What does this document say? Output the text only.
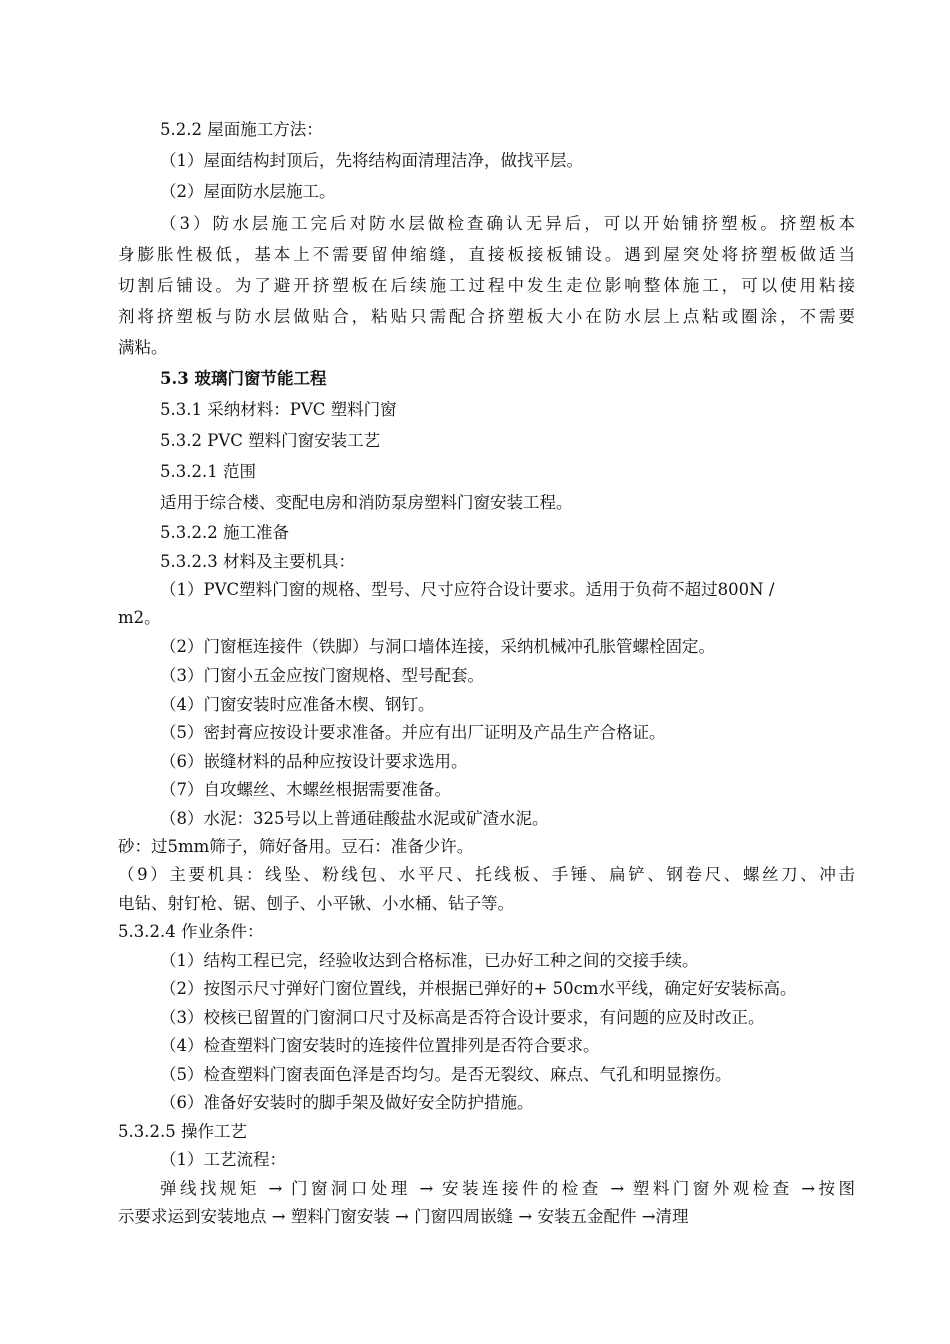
5.2.2 屋面施工方法：
（1）屋面结构封顶后，先将结构面清理洁净，做找平层。
（2）屋面防水层施工。
（3）防水层施工完后对防水层做检查确认无异后，可以开始铺挤塑板。挤塑板本
身膨胀性极低，基本上不需要留伸缩缝，直接板接板铺设。遇到屋突处将挤塑板做适当
切割后铺设。为了避开挤塑板在后续施工过程中发生走位影响整体施工，可以使用粘接
剂将挤塑板与防水层做贴合，粘贴只需配合挤塑板大小在防水层上点粘或圈涂，不需要
满粘。
5.3 玻璃门窗节能工程
5.3.1 采纳材料：PVC 塑料门窗
5.3.2 PVC 塑料门窗安装工艺
5.3.2.1 范围
适用于综合楼、变配电房和消防泵房塑料门窗安装工程。
5.3.2.2 施工准备
5.3.2.3 材料及主要机具：
（1）PVC塑料门窗的规格、型号、尺寸应符合设计要求。适用于负荷不超过800N /
m2。
（2）门窗框连接件（铁脚）与洞口墙体连接，采纳机械冲孔胀管螺栓固定。
（3）门窗小五金应按门窗规格、型号配套。
（4）门窗安装时应准备木楔、钢钉。
（5）密封膏应按设计要求准备。并应有出厂证明及产品生产合格证。
（6）嵌缝材料的品种应按设计要求选用。
（7）自攻螺丝、木螺丝根据需要准备。
（8）水泥：325号以上普通硅酸盐水泥或矿渣水泥。
砂：过5mm筛子，筛好备用。豆石：准备少许。
（9）主要机具：线坠、粉线包、水平尺、托线板、手锤、扁铲、钢卷尺、螺丝刀、冲击
电钻、射钉枪、锯、刨子、小平锹、小水桶、钻子等。
5.3.2.4 作业条件：
（1）结构工程已完，经验收达到合格标准，已办好工种之间的交接手续。
（2）按图示尺寸弹好门窗位置线，并根据已弹好的+ 50cm水平线，确定好安装标高。
（3）校核已留置的门窗洞口尺寸及标高是否符合设计要求，有问题的应及时改正。
（4）检查塑料门窗安装时的连接件位置排列是否符合要求。
（5）检查塑料门窗表面色泽是否均匀。是否无裂纹、麻点、气孔和明显擦伤。
（6）准备好安装时的脚手架及做好安全防护措施。
5.3.2.5 操作工艺
（1）工艺流程：
弹线找规矩 → 门窗洞口处理 → 安装连接件的检查 → 塑料门窗外观检查 →按图
示要求运到安装地点 → 塑料门窗安装 → 门窗四周嵌缝 → 安装五金配件 →清理
